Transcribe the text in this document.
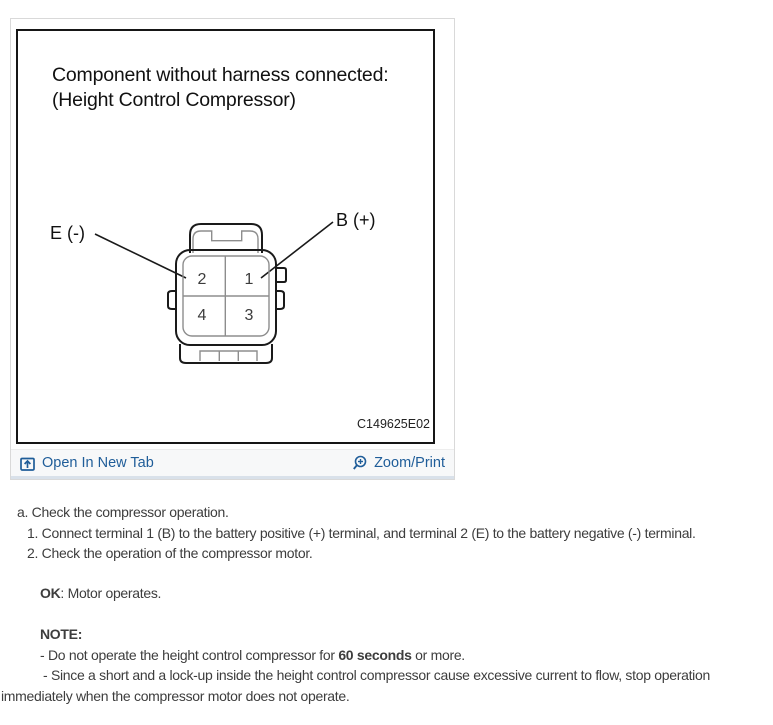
Component without harness connected:
(Height Control Compressor)
2 1
4 3
E (-)
B (+)
C149625E02
Open In New Tab	Zoom/Print
a. Check the compressor operation.
1. Connect terminal 1 (B) to the battery positive (+) terminal, and terminal 2 (E) to the battery negative (-) terminal.
2. Check the operation of the compressor motor.
OK: Motor operates.
NOTE:
- Do not operate the height control compressor for 60 seconds or more.
- Since a short and a lock-up inside the height control compressor cause excessive current to flow, stop operation
immediately when the compressor motor does not operate.
